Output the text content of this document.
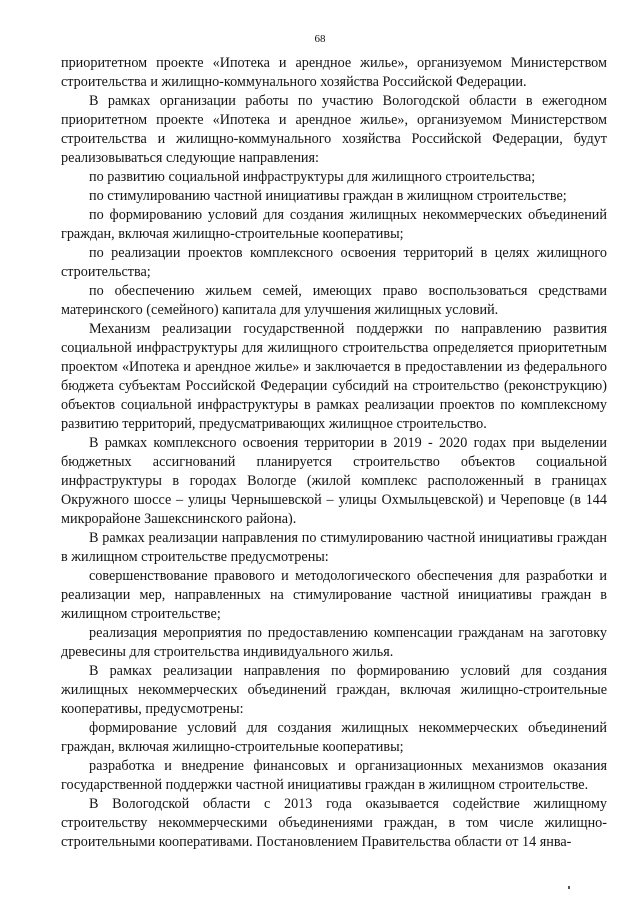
68

приоритетном проекте «Ипотека и арендное жилье», организуемом Министерством строительства и жилищно-коммунального хозяйства Российской Федерации.

В рамках организации работы по участию Вологодской области в ежегодном приоритетном проекте «Ипотека и арендное жилье», организуемом Министерством строительства и жилищно-коммунального хозяйства Российской Федерации, будут реализовываться следующие направления:

по развитию социальной инфраструктуры для жилищного строительства;

по стимулированию частной инициативы граждан в жилищном строительстве;

по формированию условий для создания жилищных некоммерческих объединений граждан, включая жилищно-строительные кооперативы;

по реализации проектов комплексного освоения территорий в целях жилищного строительства;

по обеспечению жильем семей, имеющих право воспользоваться средствами материнского (семейного) капитала для улучшения жилищных условий.

Механизм реализации государственной поддержки по направлению развития социальной инфраструктуры для жилищного строительства определяется приоритетным проектом «Ипотека и арендное жилье» и заключается в предоставлении из федерального бюджета субъектам Российской Федерации субсидий на строительство (реконструкцию) объектов социальной инфраструктуры в рамках реализации проектов по комплексному развитию территорий, предусматривающих жилищное строительство.

В рамках комплексного освоения территории в 2019 - 2020 годах при выделении бюджетных ассигнований планируется строительство объектов социальной инфраструктуры в городах Вологде (жилой комплекс расположенный в границах Окружного шоссе – улицы Чернышевской – улицы Охмыльцевской) и Череповце (в 144 микрорайоне Зашекснинского района).

В рамках реализации направления по стимулированию частной инициативы граждан в жилищном строительстве предусмотрены:

совершенствование правового и методологического обеспечения для разработки и реализации мер, направленных на стимулирование частной инициативы граждан в жилищном строительстве;

реализация мероприятия по предоставлению компенсации гражданам на заготовку древесины для строительства индивидуального жилья.

В рамках реализации направления по формированию условий для создания жилищных некоммерческих объединений граждан, включая жилищно-строительные кооперативы, предусмотрены:

формирование условий для создания жилищных некоммерческих объединений граждан, включая жилищно-строительные кооперативы;

разработка и внедрение финансовых и организационных механизмов оказания государственной поддержки частной инициативы граждан в жилищном строительстве.

В Вологодской области с 2013 года оказывается содействие жилищному строительству некоммерческими объединениями граждан, в том числе жилищно-строительными кооперативами. Постановлением Правительства области от 14 янва-
